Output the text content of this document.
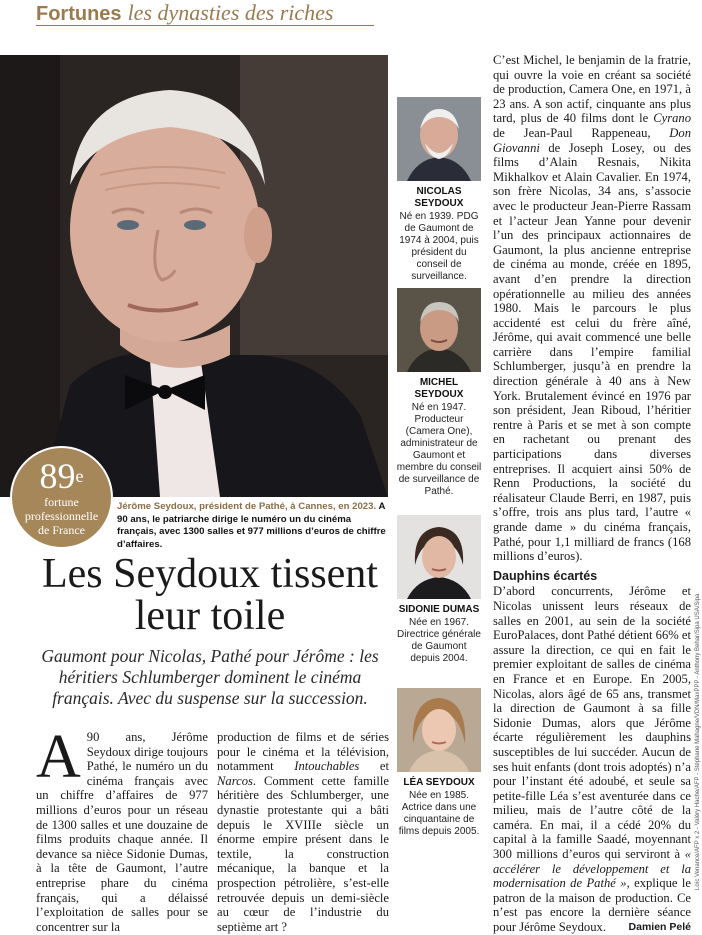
Fortunes les dynasties des riches
89e
fortune
professionnelle
de France
Jérôme Seydoux, président de Pathé, à Cannes, en 2023. A 90 ans, le patriarche dirige le numéro un du cinéma français, avec 1300 salles et 977 millions d’euros de chiffre d’affaires.
Les Seydoux tissent leur toile
Gaumont pour Nicolas, Pathé pour Jérôme : les héritiers Schlumberger dominent le cinéma français. Avec du suspense sur la succession.
A 90 ans, Jérôme Seydoux dirige toujours Pathé, le numéro un du cinéma français avec un chiffre d’affaires de 977 millions d’euros pour un réseau de 1300 salles et une douzaine de films produits chaque année. Il devance sa nièce Sidonie Dumas, à la tête de Gaumont, l’autre entreprise phare du cinéma français, qui a délaissé l’exploitation de salles pour se concentrer sur la
production de films et de séries pour le cinéma et la télévision, notamment Intouchables et Narcos. Comment cette famille héritière des Schlumberger, une dynastie protestante qui a bâti depuis le XVIIIe siècle un énorme empire présent dans le textile, la construction mécanique, la banque et la prospection pétrolière, s’est-elle retrouvée depuis un demi-siècle au cœur de l’industrie du septième art ?
C’est Michel, le benjamin de la fratrie, qui ouvre la voie en créant sa société de production, Camera One, en 1971, à 23 ans. A son actif, cinquante ans plus tard, plus de 40 films dont le Cyrano de Jean-Paul Rappeneau, Don Giovanni de Joseph Losey, ou des films d’Alain Resnais, Nikita Mikhalkov et Alain Cavalier. En 1974, son frère Nicolas, 34 ans, s’associe avec le producteur Jean-Pierre Rassam et l’acteur Jean Yanne pour devenir l’un des principaux actionnaires de Gaumont, la plus ancienne entreprise de cinéma au monde, créée en 1895, avant d’en prendre la direction opérationnelle au milieu des années 1980. Mais le parcours le plus accidenté est celui du frère aîné, Jérôme, qui avait commencé une belle carrière dans l’empire familial Schlumberger, jusqu’à en prendre la direction générale à 40 ans à New York. Brutalement évincé en 1976 par son président, Jean Riboud, l’héritier rentre à Paris et se met à son compte en rachetant ou prenant des participations dans diverses entreprises. Il acquiert ainsi 50% de Renn Productions, la société du réalisateur Claude Berri, en 1987, puis s’offre, trois ans plus tard, l’autre « grande dame » du cinéma français, Pathé, pour 1,1 milliard de francs (168 millions d’euros).
Dauphins écartés
D’abord concurrents, Jérôme et Nicolas unissent leurs réseaux de salles en 2001, au sein de la société EuroPalaces, dont Pathé détient 66% et assure la direction, ce qui en fait le premier exploitant de salles de cinéma en France et en Europe. En 2005, Nicolas, alors âgé de 65 ans, transmet la direction de Gaumont à sa fille Sidonie Dumas, alors que Jérôme écarte régulièrement les dauphins susceptibles de lui succéder. Aucun de ses huit enfants (dont trois adoptés) n’a pour l’instant été adoubé, et seule sa petite-fille Léa s’est aventurée dans ce milieu, mais de l’autre côté de la caméra. En mai, il a cédé 20% du capital à la famille Saadé, moyennant 300 millions d’euros qui serviront à « accélérer le développement et la modernisation de Pathé », explique le patron de la maison de production. Ce n’est pas encore la dernière séance pour Jérôme Seydoux. Damien Pelé
NICOLAS
SEYDOUX
Né en 1939. PDG de Gaumont de 1974 à 2004, puis président du conseil de surveillance.
MICHEL
SEYDOUX
Né en 1947. Producteur (Camera One), administrateur de Gaumont et membre du conseil de surveillance de Pathé.
SIDONIE DUMAS
Née en 1967. Directrice générale de Gaumont depuis 2004.
LÉA SEYDOUX
Née en 1985. Actrice dans une cinquantaine de films depuis 2005.	Loïc Venance/AFP x 2 - Valéry Hache/AFP - Stéphane Mahagne/VDN/MaxPPP - Anthony Behar/Sipa USA/Sipa
